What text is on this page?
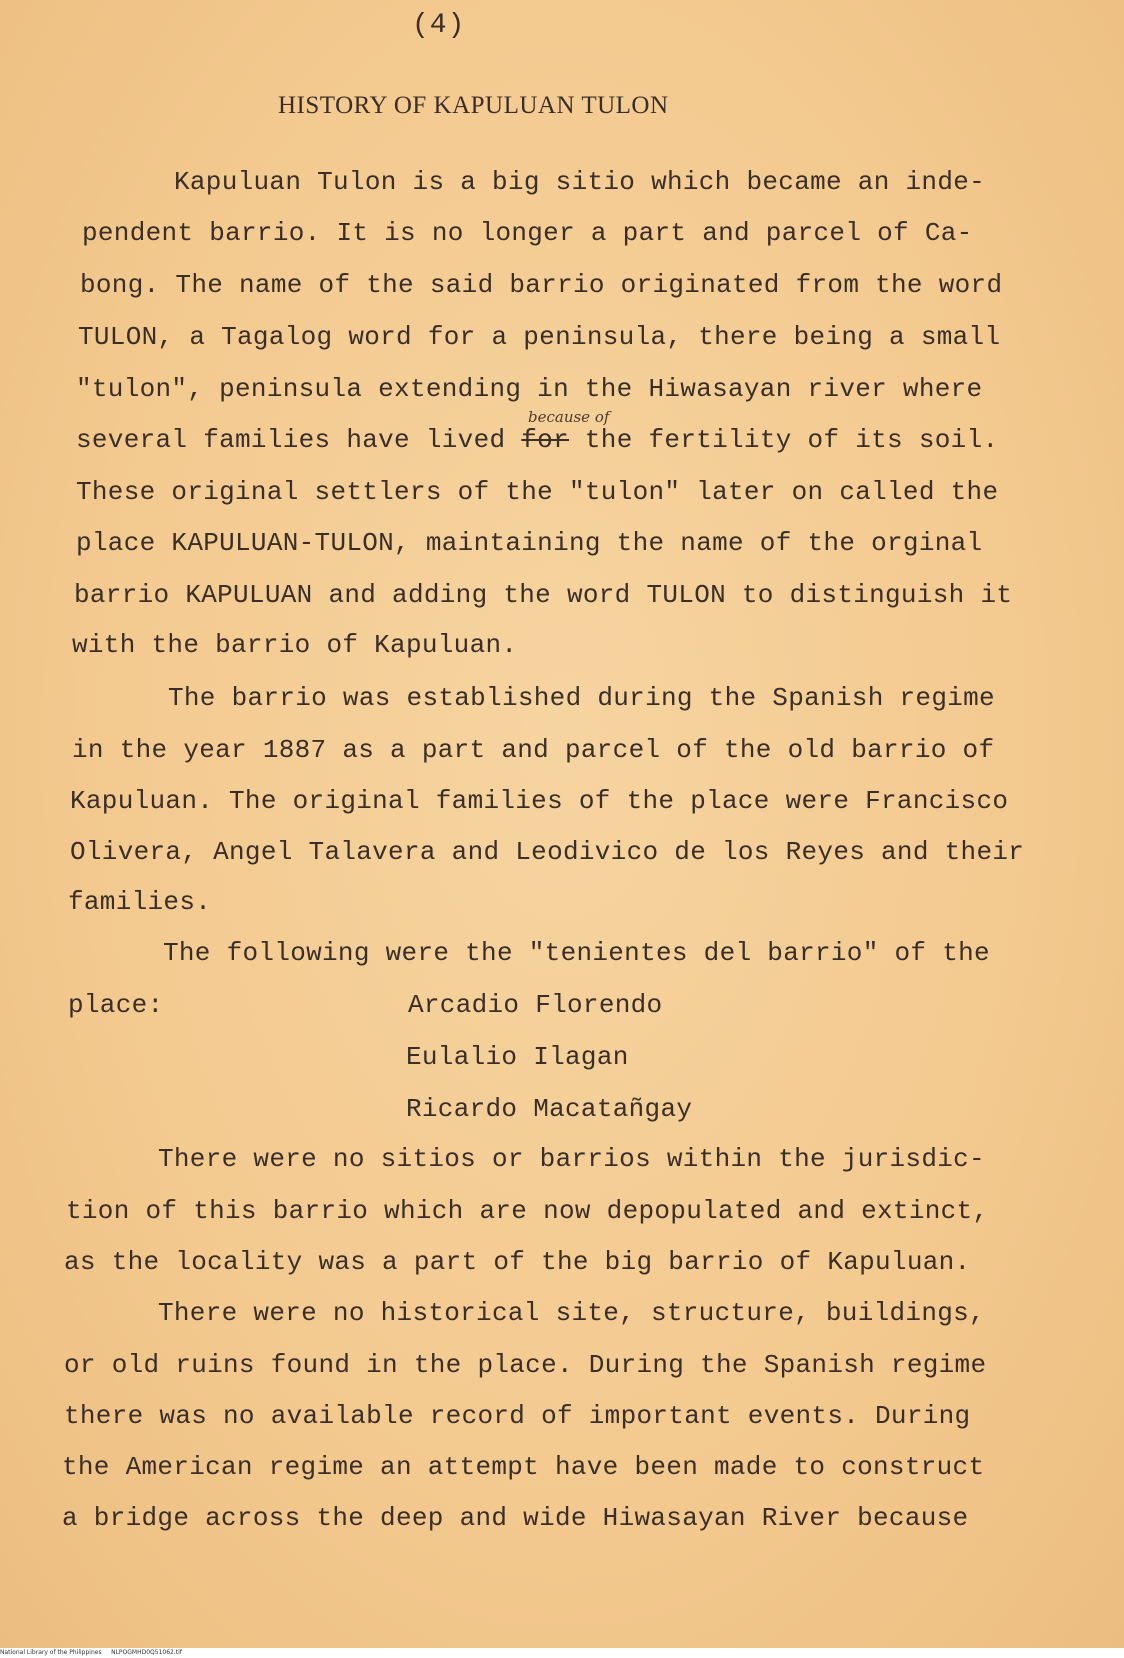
(4)
HISTORY OF KAPULUAN TULON
Kapuluan Tulon is a big sitio which became an inde-
pendent barrio. It is no longer a part and parcel of Ca-
bong. The name of the said barrio originated from the word
TULON, a Tagalog word for a peninsula, there being a small
"tulon", peninsula extending in the Hiwasayan river where
several families have lived for the fertility of its soil.
because of
These original settlers of the "tulon" later on called the
place KAPULUAN-TULON, maintaining the name of the orginal
barrio KAPULUAN and adding the word TULON to distinguish it
with the barrio of Kapuluan.
The barrio was established during the Spanish regime
in the year 1887 as a part and parcel of the old barrio of
Kapuluan. The original families of the place were Francisco
Olivera, Angel Talavera and Leodivico de los Reyes and their
families.
The following were the "tenientes del barrio" of the
place:	Arcadio Florendo
Eulalio Ilagan
Ricardo Macatañgay
There were no sitios or barrios within the jurisdic-
tion of this barrio which are now depopulated and extinct,
as the locality was a part of the big barrio of Kapuluan.
There were no historical site, structure, buildings,
or old ruins found in the place. During the Spanish regime
there was no available record of important events. During
the American regime an attempt have been made to construct
a bridge across the deep and wide Hiwasayan River because
National Library of the Philippines     NLPOGMHD0Q51062.tif
